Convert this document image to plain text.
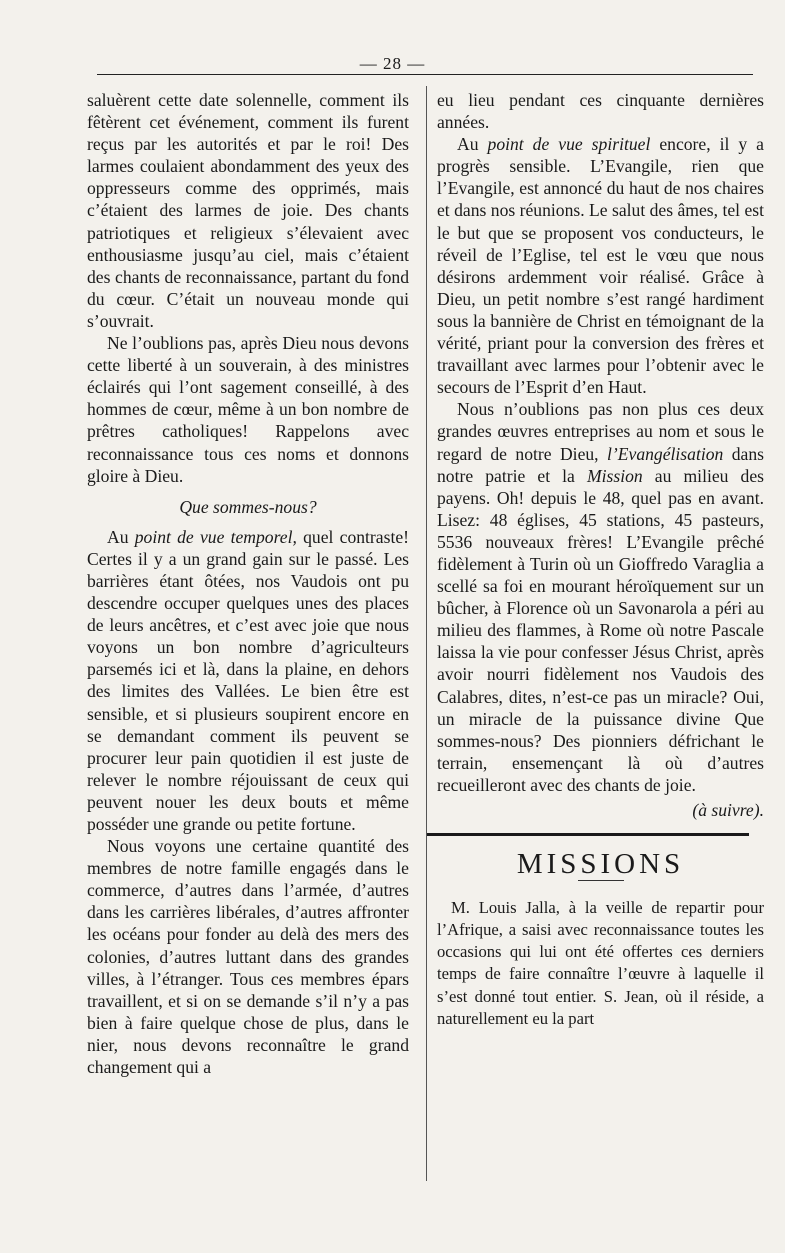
— 28 —

saluèrent cette date solennelle, comment ils fêtèrent cet événement, comment ils furent reçus par les autorités et par le roi! Des larmes coulaient abondamment des yeux des oppresseurs comme des opprimés, mais c’étaient des larmes de joie. Des chants patriotiques et religieux s’élevaient avec enthousiasme jusqu’au ciel, mais c’étaient des chants de reconnaissance, partant du fond du cœur. C’était un nouveau monde qui s’ouvrait.

Ne l’oublions pas, après Dieu nous devons cette liberté à un souverain, à des ministres éclairés qui l’ont sagement conseillé, à des hommes de cœur, même à un bon nombre de prêtres catholiques! Rappelons avec reconnaissance tous ces noms et donnons gloire à Dieu.

Que sommes-nous?

Au point de vue temporel, quel contraste! Certes il y a un grand gain sur le passé. Les barrières étant ôtées, nos Vaudois ont pu descendre occuper quelques unes des places de leurs ancêtres, et c’est avec joie que nous voyons un bon nombre d’agriculteurs parsemés ici et là, dans la plaine, en dehors des limites des Vallées. Le bien être est sensible, et si plusieurs soupirent encore en se demandant comment ils peuvent se procurer leur pain quotidien il est juste de relever le nombre réjouissant de ceux qui peuvent nouer les deux bouts et même posséder une grande ou petite fortune.

Nous voyons une certaine quantité des membres de notre famille engagés dans le commerce, d’autres dans l’armée, d’autres dans les carrières libérales, d’autres affronter les océans pour fonder au delà des mers des colonies, d’autres luttant dans des grandes villes, à l’étranger. Tous ces membres épars travaillent, et si on se demande s’il n’y a pas bien à faire quelque chose de plus, dans le nier, nous devons reconnaître le grand changement qui a

eu lieu pendant ces cinquante dernières années.

Au point de vue spirituel encore, il y a progrès sensible. L’Evangile, rien que l’Evangile, est annoncé du haut de nos chaires et dans nos réunions. Le salut des âmes, tel est le but que se proposent vos conducteurs, le réveil de l’Eglise, tel est le vœu que nous désirons ardemment voir réalisé. Grâce à Dieu, un petit nombre s’est rangé hardiment sous la bannière de Christ en témoignant de la vérité, priant pour la conversion des frères et travaillant avec larmes pour l’obtenir avec le secours de l’Esprit d’en Haut.

Nous n’oublions pas non plus ces deux grandes œuvres entreprises au nom et sous le regard de notre Dieu, l’Evangélisation dans notre patrie et la Mission au milieu des payens. Oh! depuis le 48, quel pas en avant. Lisez: 48 églises, 45 stations, 45 pasteurs, 5536 nouveaux frères! L’Evangile prêché fidèlement à Turin où un Gioffredo Varaglia a scellé sa foi en mourant héroïquement sur un bûcher, à Florence où un Savonarola a péri au milieu des flammes, à Rome où notre Pascale laissa la vie pour confesser Jésus Christ, après avoir nourri fidèlement nos Vaudois des Calabres, dites, n’est-ce pas un miracle? Oui, un miracle de la puissance divine Que sommes-nous? Des pionniers défrichant le terrain, ensemençant là où d’autres recueilleront avec des chants de joie.

(à suivre).

MISSIONS

M. Louis Jalla, à la veille de repartir pour l’Afrique, a saisi avec reconnaissance toutes les occasions qui lui ont été offertes ces derniers temps de faire connaître l’œuvre à laquelle il s’est donné tout entier. S. Jean, où il réside, a naturellement eu la part
